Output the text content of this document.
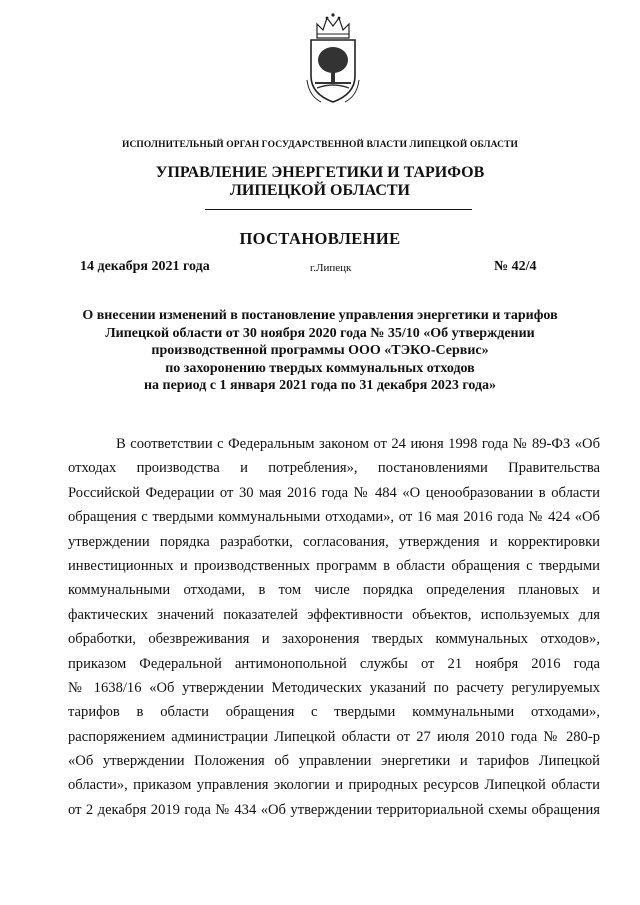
ИСПОЛНИТЕЛЬНЫЙ ОРГАН ГОСУДАРСТВЕННОЙ ВЛАСТИ ЛИПЕЦКОЙ ОБЛАСТИ
УПРАВЛЕНИЕ ЭНЕРГЕТИКИ И ТАРИФОВ
ЛИПЕЦКОЙ ОБЛАСТИ
ПОСТАНОВЛЕНИЕ
14 декабря 2021 года	г.Липецк	№ 42/4
О внесении изменений в постановление управления энергетики и тарифов
Липецкой области от 30 ноября 2020 года № 35/10 «Об утверждении
производственной программы ООО «ТЭКО-Сервис»
по захоронению твердых коммунальных отходов
на период с 1 января 2021 года по 31 декабря 2023 года»
В соответствии с Федеральным законом от 24 июня 1998 года № 89-ФЗ «Об
отходах производства и потребления», постановлениями Правительства
Российской Федерации от 30 мая 2016 года № 484 «О ценообразовании в области
обращения с твердыми коммунальными отходами», от 16 мая 2016 года № 424 «Об
утверждении порядка разработки, согласования, утверждения и корректировки
инвестиционных и производственных программ в области обращения с твердыми
коммунальными отходами, в том числе порядка определения плановых и
фактических значений показателей эффективности объектов, используемых для
обработки, обезвреживания и захоронения твердых коммунальных отходов»,
приказом Федеральной антимонопольной службы от 21 ноября 2016 года
№ 1638/16 «Об утверждении Методических указаний по расчету регулируемых
тарифов в области обращения с твердыми коммунальными отходами»,
распоряжением администрации Липецкой области от 27 июля 2010 года № 280-р
«Об утверждении Положения об управлении энергетики и тарифов Липецкой
области», приказом управления экологии и природных ресурсов Липецкой области
от 2 декабря 2019 года № 434 «Об утверждении территориальной схемы обращения
